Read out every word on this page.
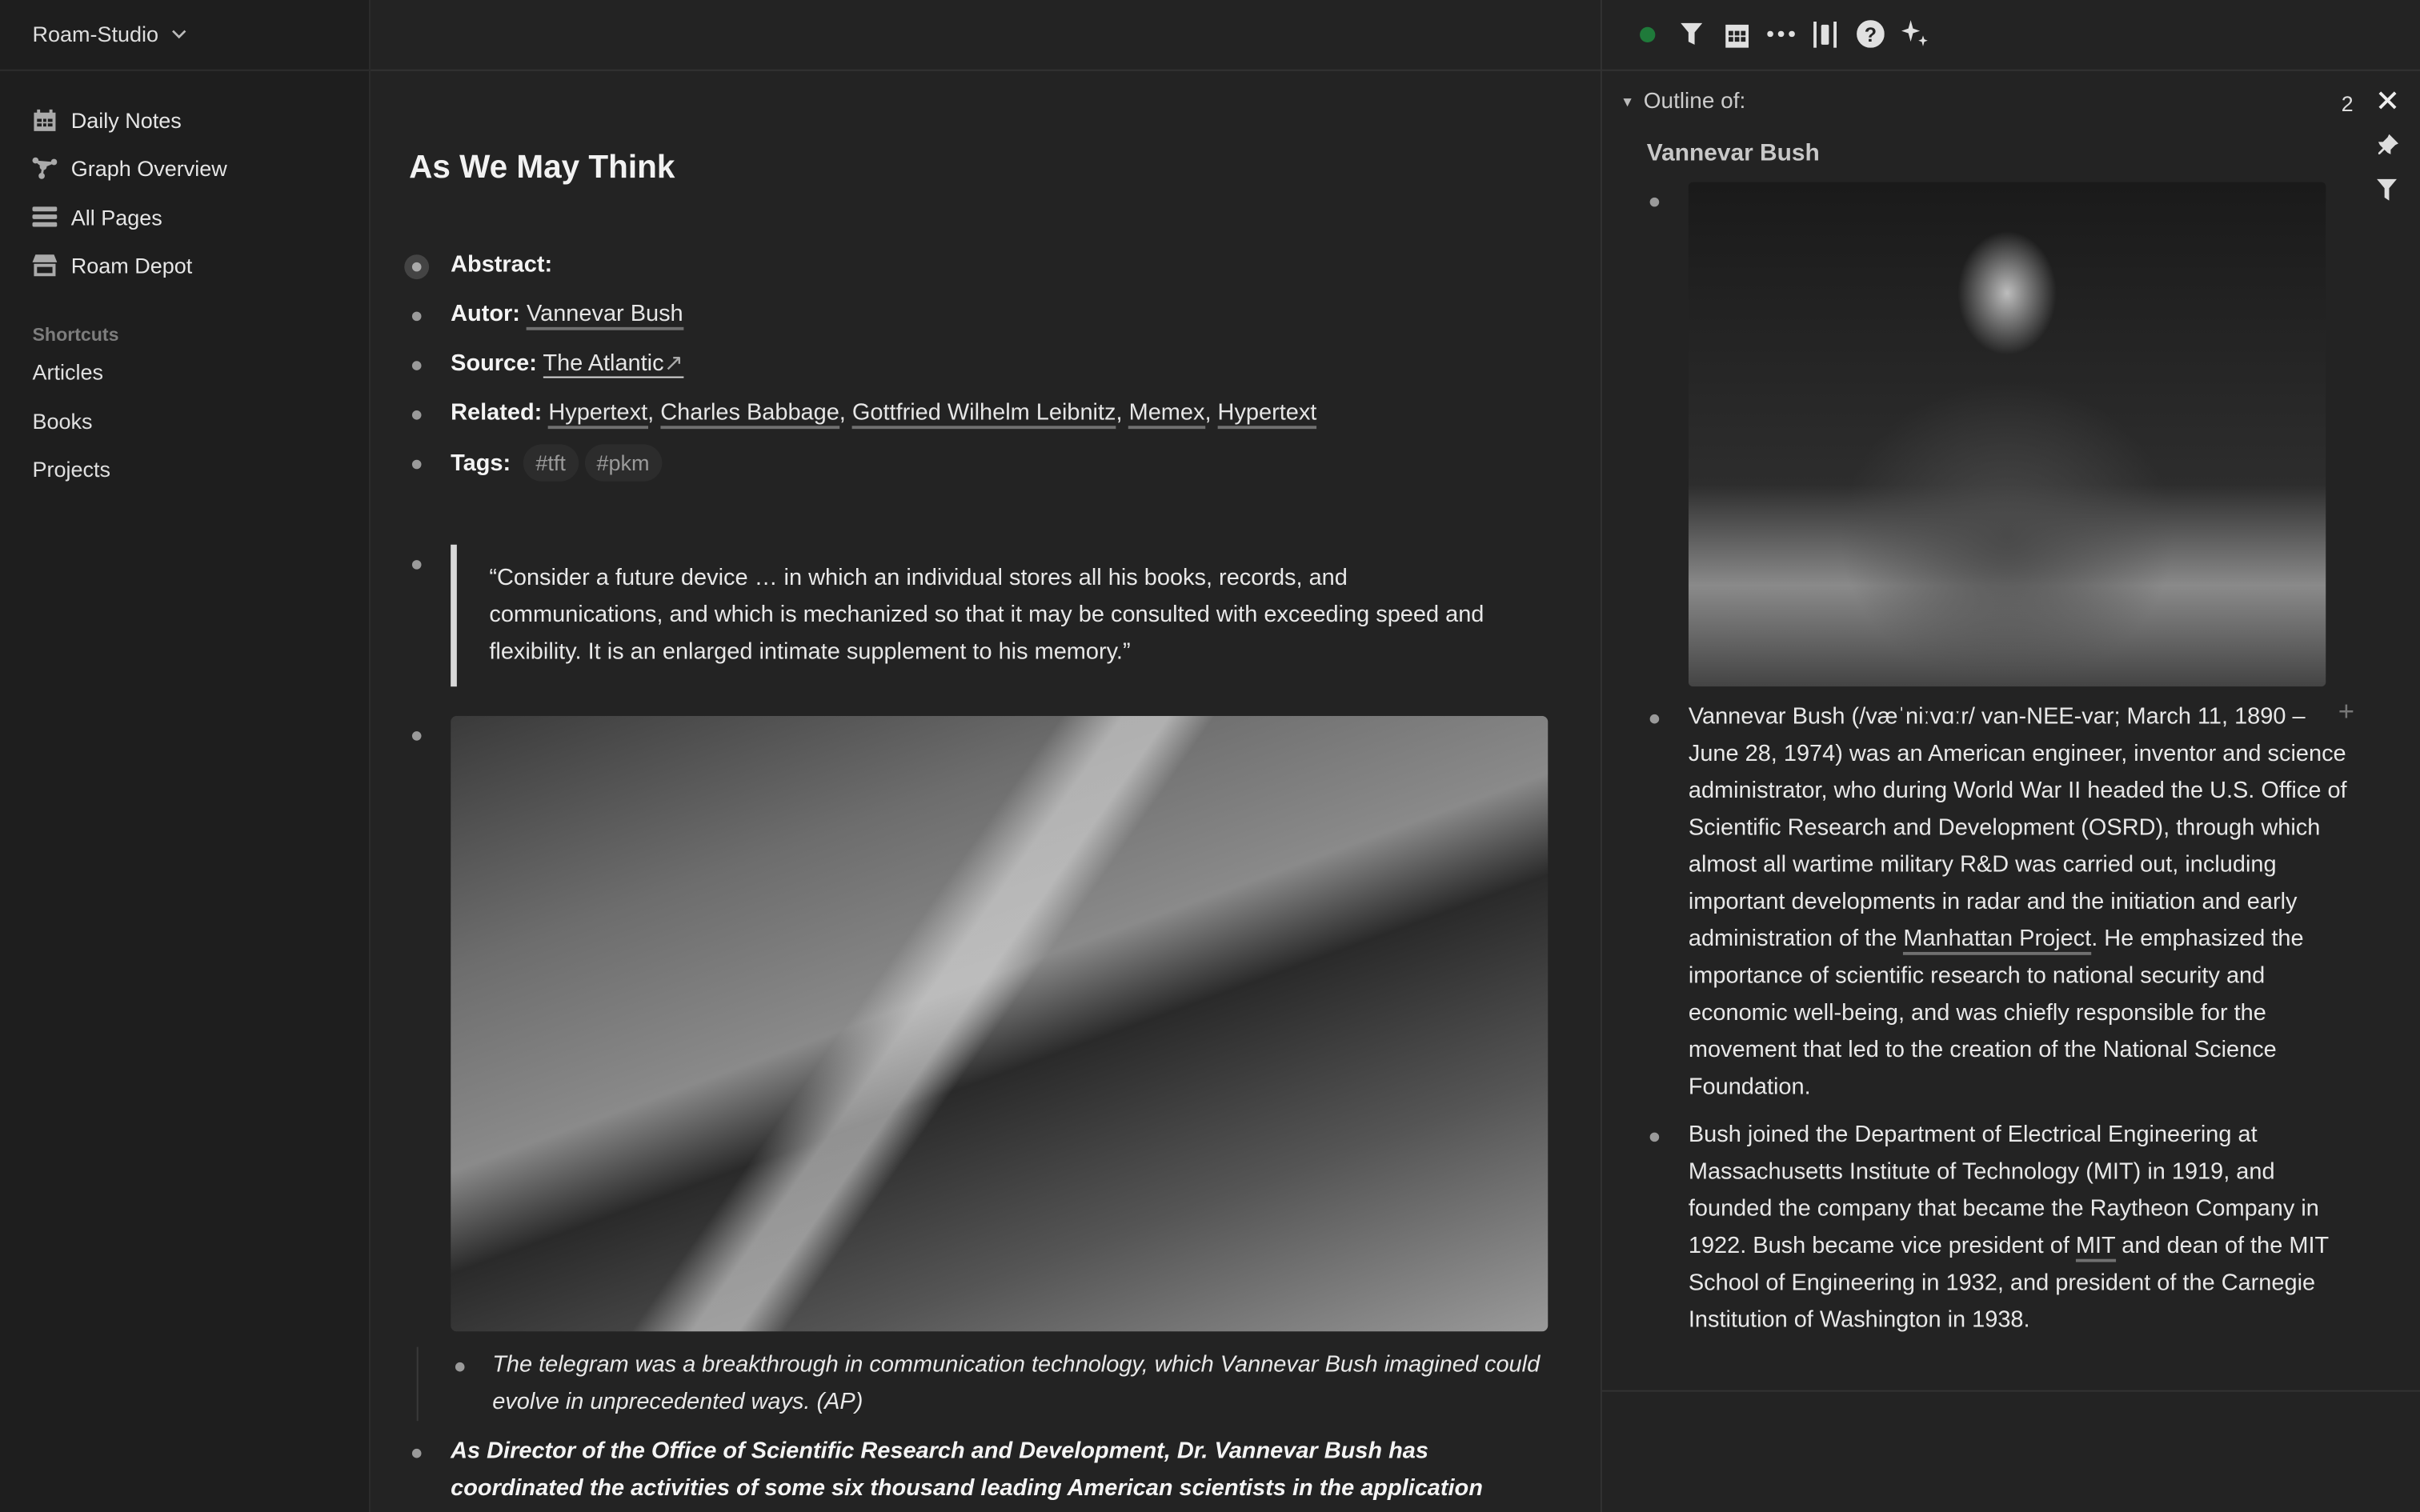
Roam-Studio
Daily Notes
Graph Overview
All Pages
Roam Depot
Shortcuts
Articles
Books
Projects
?
As We May Think
Abstract:
Autor: Vannevar Bush
Source: The Atlantic↗
Related: Hypertext, Charles Babbage, Gottfried Wilhelm Leibnitz, Memex, Hypertext
Tags: #tft	#pkm
“Consider a future device … in which an individual stores all his books, records, and communications, and which is mechanized so that it may be consulted with exceeding speed and flexibility. It is an enlarged intimate supplement to his memory.”
The telegram was a breakthrough in communication technology, which Vannevar Bush imagined could evolve in unprecedented ways. (AP)
As Director of the Office of Scientific Research and Development, Dr. Vannevar Bush has coordinated the activities of some six thousand leading American scientists in the application
▼ Outline of:	2
Vannevar Bush
Vannevar Bush (/væˈniːvɑːr/ van-NEE-var; March 11, 1890 – June 28, 1974) was an American engineer, inventor and science administrator, who during World War II headed the U.S. Office of Scientific Research and Development (OSRD), through which almost all wartime military R&D was carried out, including important developments in radar and the initiation and early administration of the Manhattan Project. He emphasized the importance of scientific research to national security and economic well-being, and was chiefly responsible for the movement that led to the creation of the National Science Foundation.
+
Bush joined the Department of Electrical Engineering at Massachusetts Institute of Technology (MIT) in 1919, and founded the company that became the Raytheon Company in 1922. Bush became vice president of MIT and dean of the MIT School of Engineering in 1932, and president of the Carnegie Institution of Washington in 1938.
